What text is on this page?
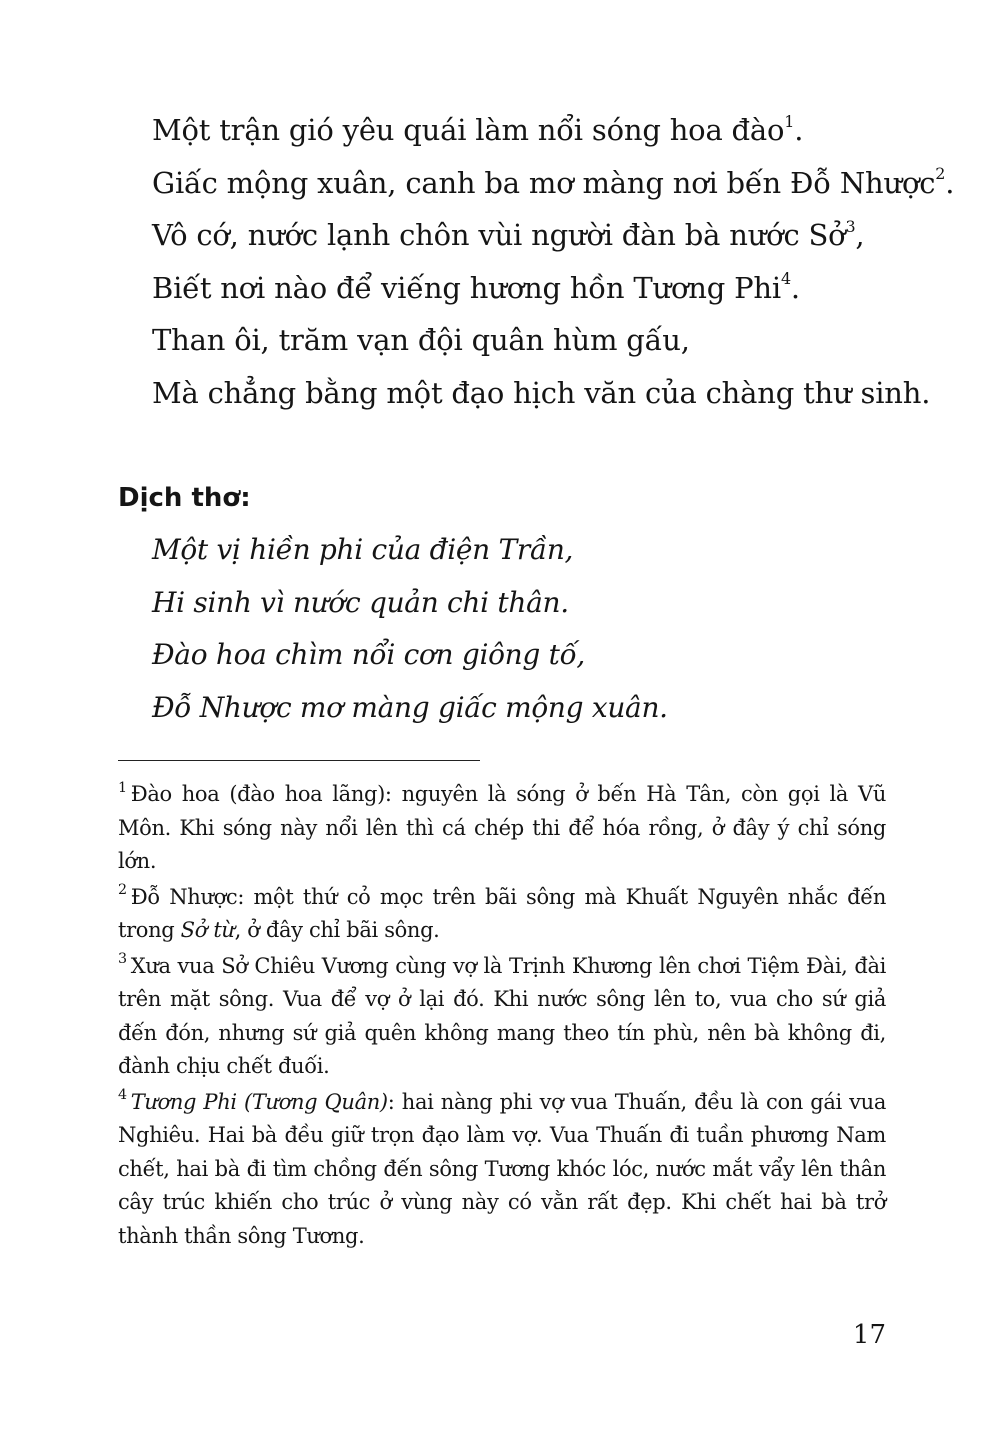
Một trận gió yêu quái làm nổi sóng hoa đào$^1$.
Giấc mộng xuân, canh ba mơ màng nơi bến Đỗ Nhược$^2$.
Vô cớ, nước lạnh chôn vùi người đàn bà nước Sở$^3$,
Biết nơi nào để viếng hương hồn Tương Phi$^4$.
Than ôi, trăm vạn đội quân hùm gấu,
Mà chẳng bằng một đạo hịch văn của chàng thư sinh.
Dịch thơ:
Một vị hiền phi của điện Trần,
Hi sinh vì nước quản chi thân.
Đào hoa chìm nổi cơn giông tố,
Đỗ Nhược mơ màng giấc mộng xuân.

$^1$ Đào hoa (đào hoa lãng): nguyên là sóng ở bến Hà Tân, còn gọi là Vũ Môn. Khi sóng này nổi lên thì cá chép thi để hóa rồng, ở đây ý chỉ sóng lớn.

$^2$ Đỗ Nhược: một thứ cỏ mọc trên bãi sông mà Khuất Nguyên nhắc đến trong Sở từ, ở đây chỉ bãi sông.

$^3$ Xưa vua Sở Chiêu Vương cùng vợ là Trịnh Khương lên chơi Tiệm Đài, đài trên mặt sông. Vua để vợ ở lại đó. Khi nước sông lên to, vua cho sứ giả đến đón, nhưng sứ giả quên không mang theo tín phù, nên bà không đi, đành chịu chết đuối.

$^4$ Tương Phi (Tương Quân): hai nàng phi vợ vua Thuấn, đều là con gái vua Nghiêu. Hai bà đều giữ trọn đạo làm vợ. Vua Thuấn đi tuần phương Nam chết, hai bà đi tìm chồng đến sông Tương khóc lóc, nước mắt vẩy lên thân cây trúc khiến cho trúc ở vùng này có vằn rất đẹp. Khi chết hai bà trở thành thần sông Tương.

17
